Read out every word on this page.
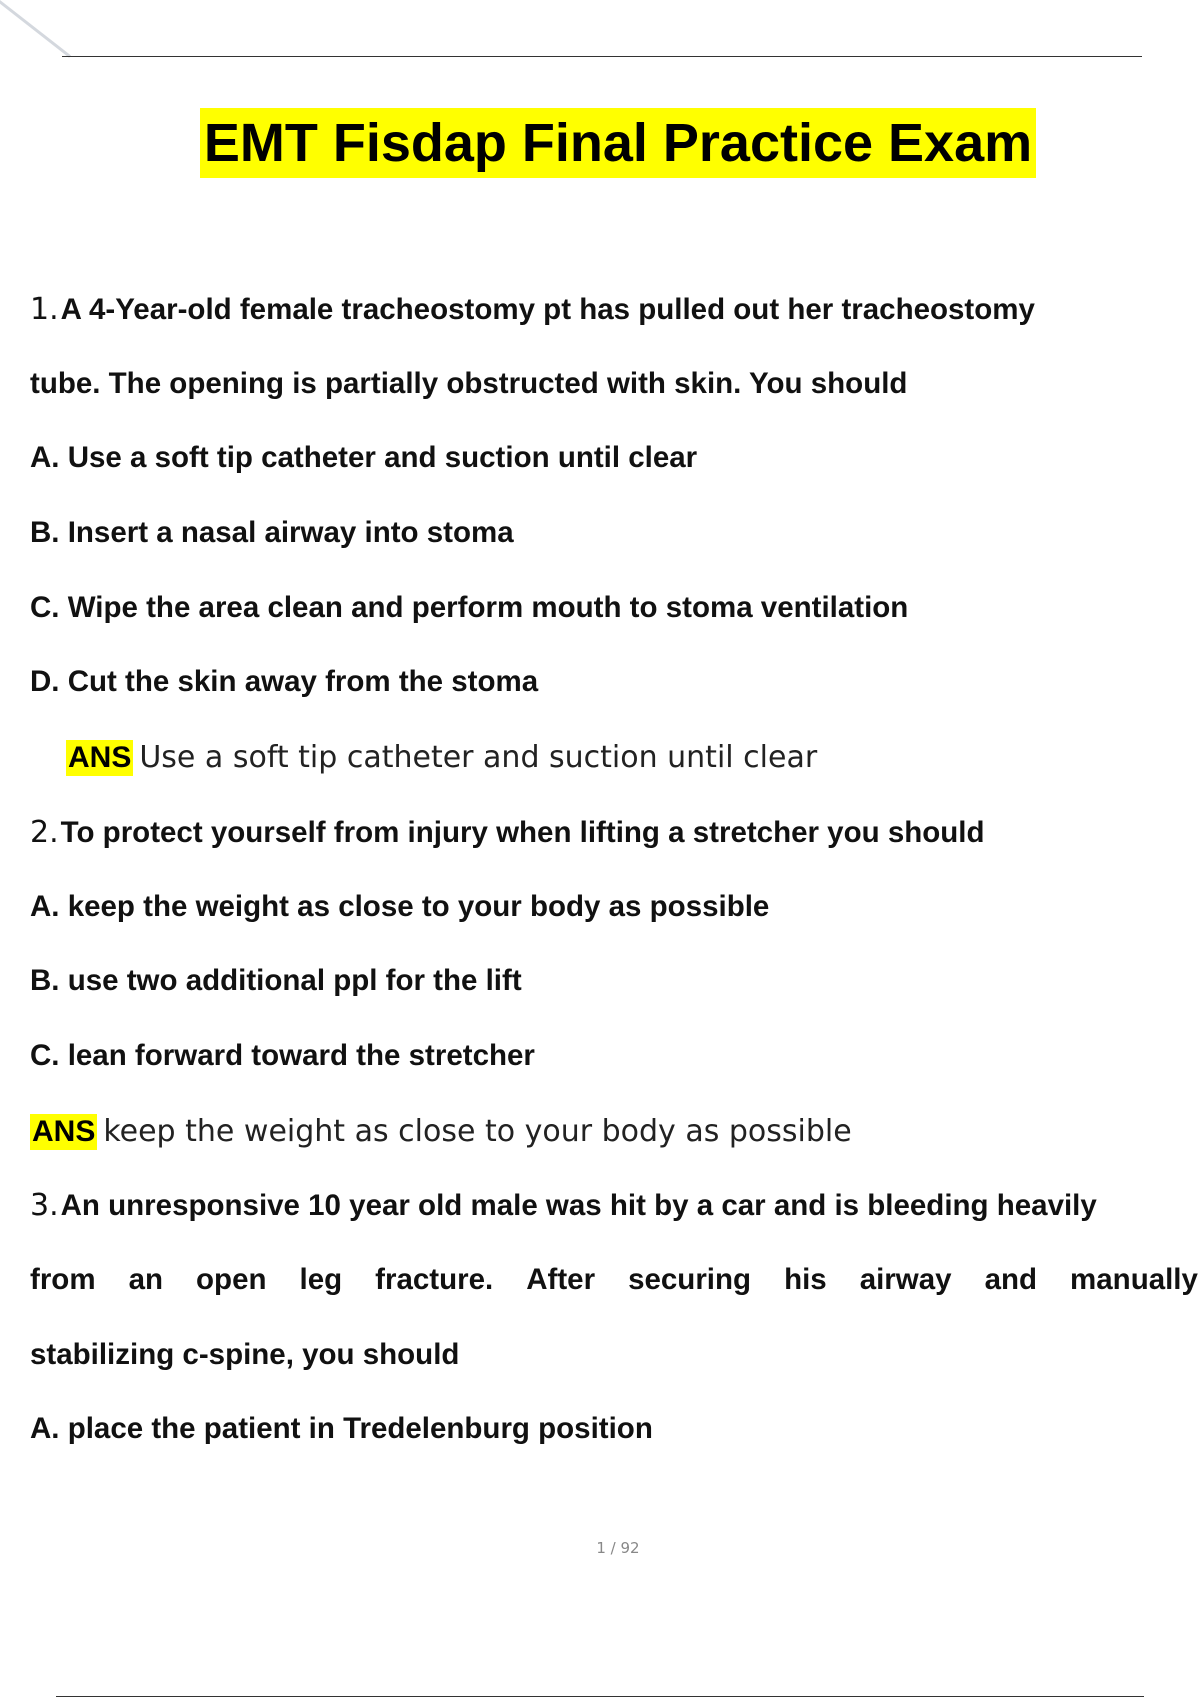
EMT Fisdap Final Practice Exam
1.A 4-Year-old female tracheostomy pt has pulled out her tracheostomy
tube. The opening is partially obstructed with skin. You should
A. Use a soft tip catheter and suction until clear
B. Insert a nasal airway into stoma
C. Wipe the area clean and perform mouth to stoma ventilation
D. Cut the skin away from the stoma
ANS Use a soft tip catheter and suction until clear
2.To protect yourself from injury when lifting a stretcher you should
A. keep the weight as close to your body as possible
B. use two additional ppl for the lift
C. lean forward toward the stretcher
ANS keep the weight as close to your body as possible
3.An unresponsive 10 year old male was hit by a car and is bleeding heavily
from an open leg fracture. After securing his airway and manually
stabilizing c-spine, you should
A. place the patient in Tredelenburg position
1 / 92
